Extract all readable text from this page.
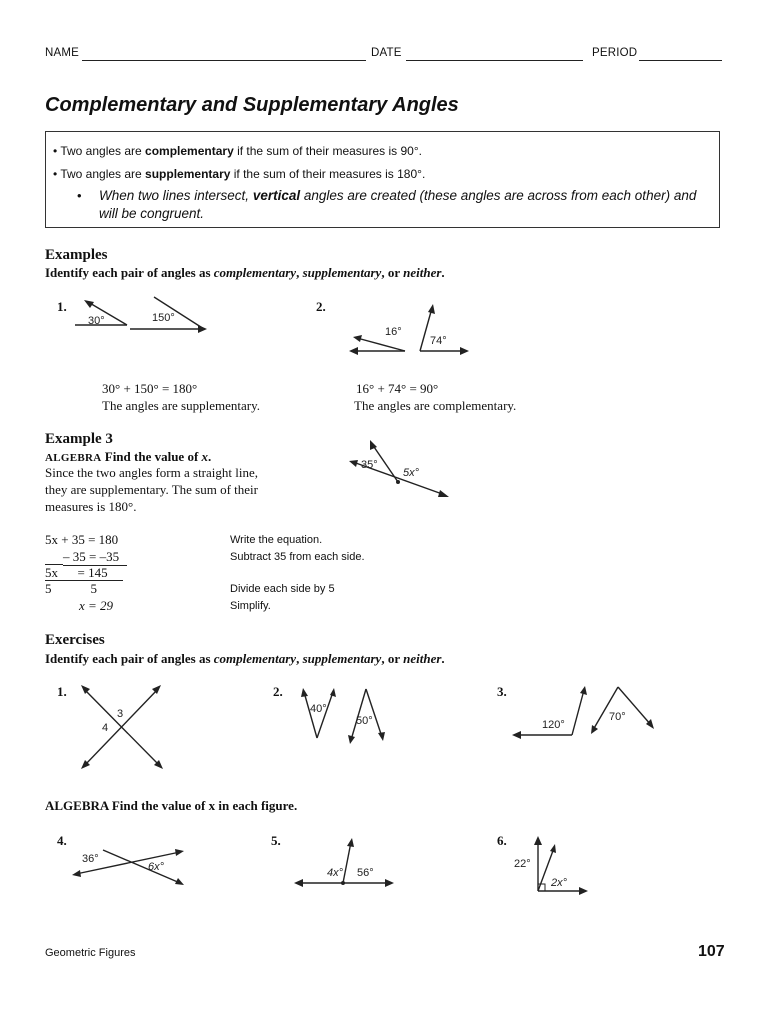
NAME	DATE	PERIOD
Complementary and Supplementary Angles
• Two angles are complementary if the sum of their measures is 90°.
• Two angles are supplementary if the sum of their measures is 180°.
• When two lines intersect, vertical angles are created (these angles are across from each other) and
will be congruent.
Examples
Identify each pair of angles as complementary, supplementary, or neither.
1.
30°	150°
30° + 150° = 180°
The angles are supplementary.
2.
16°
74°
16° + 74° = 90°
The angles are complementary.
Example 3
ALGEBRA Find the value of x.
Since the two angles form a straight line,
they are supplementary. The sum of their
measures is 180°.
35°
5x°
5x + 35 = 180	Write the equation.
– 35 = –35	Subtract 35 from each side.
5x      = 145
5            5	Divide each side by 5
x = 29	Simplify.
Exercises
Identify each pair of angles as complementary, supplementary, or neither.
1.
3
4
2.
40°
50°
3.
120°
70°
ALGEBRA Find the value of x in each figure.
4.
36°
6x°
5.
4x° 56°
6.
22°
2x°
Geometric Figures	107
